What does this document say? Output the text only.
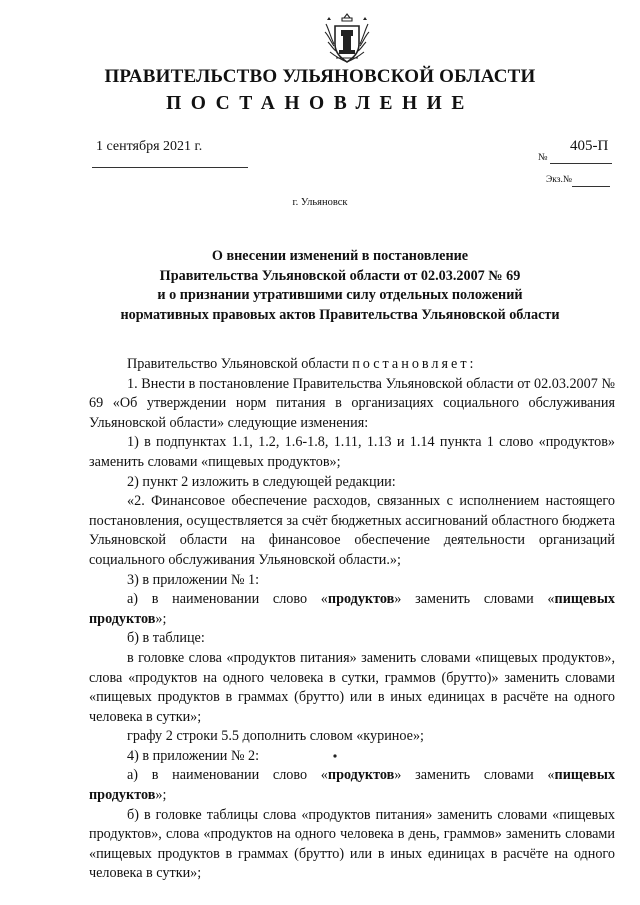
ПРАВИТЕЛЬСТВО УЛЬЯНОВСКОЙ ОБЛАСТИ
ПОСТАНОВЛЕНИЕ
1 сентября 2021 г.
№
405-П
Экз.№
г. Ульяновск
О внесении изменений в постановление
Правительства Ульяновской области от 02.03.2007 № 69
и о признании утратившими силу отдельных положений
нормативных правовых актов Правительства Ульяновской области

Правительство Ульяновской области постановляет:

1. Внести в постановление Правительства Ульяновской области от 02.03.2007 № 69 «Об утверждении норм питания в организациях социального обслуживания Ульяновской области» следующие изменения:

1) в подпунктах 1.1, 1.2, 1.6-1.8, 1.11, 1.13 и 1.14 пункта 1 слово «продуктов» заменить словами «пищевых продуктов»;

2) пункт 2 изложить в следующей редакции:

«2. Финансовое обеспечение расходов, связанных с исполнением настоящего постановления, осуществляется за счёт бюджетных ассигнований областного бюджета Ульяновской области на финансовое обеспечение деятельности организаций социального обслуживания Ульяновской области.»;

3) в приложении № 1:

а) в наименовании слово «продуктов» заменить словами «пищевых продуктов»;

б) в таблице:

в головке слова «продуктов питания» заменить словами «пищевых продуктов», слова «продуктов на одного человека в сутки, граммов (брутто)» заменить словами «пищевых продуктов в граммах (брутто) или в иных единицах в расчёте на одного человека в сутки»;

графу 2 строки 5.5 дополнить словом «куриное»;

4) в приложении № 2:

а) в наименовании слово «продуктов» заменить словами «пищевых продуктов»;

б) в головке таблицы слова «продуктов питания» заменить словами «пищевых продуктов», слова «продуктов на одного человека в день, граммов» заменить словами «пищевых продуктов в граммах (брутто) или в иных единицах в расчёте на одного человека в сутки»;
